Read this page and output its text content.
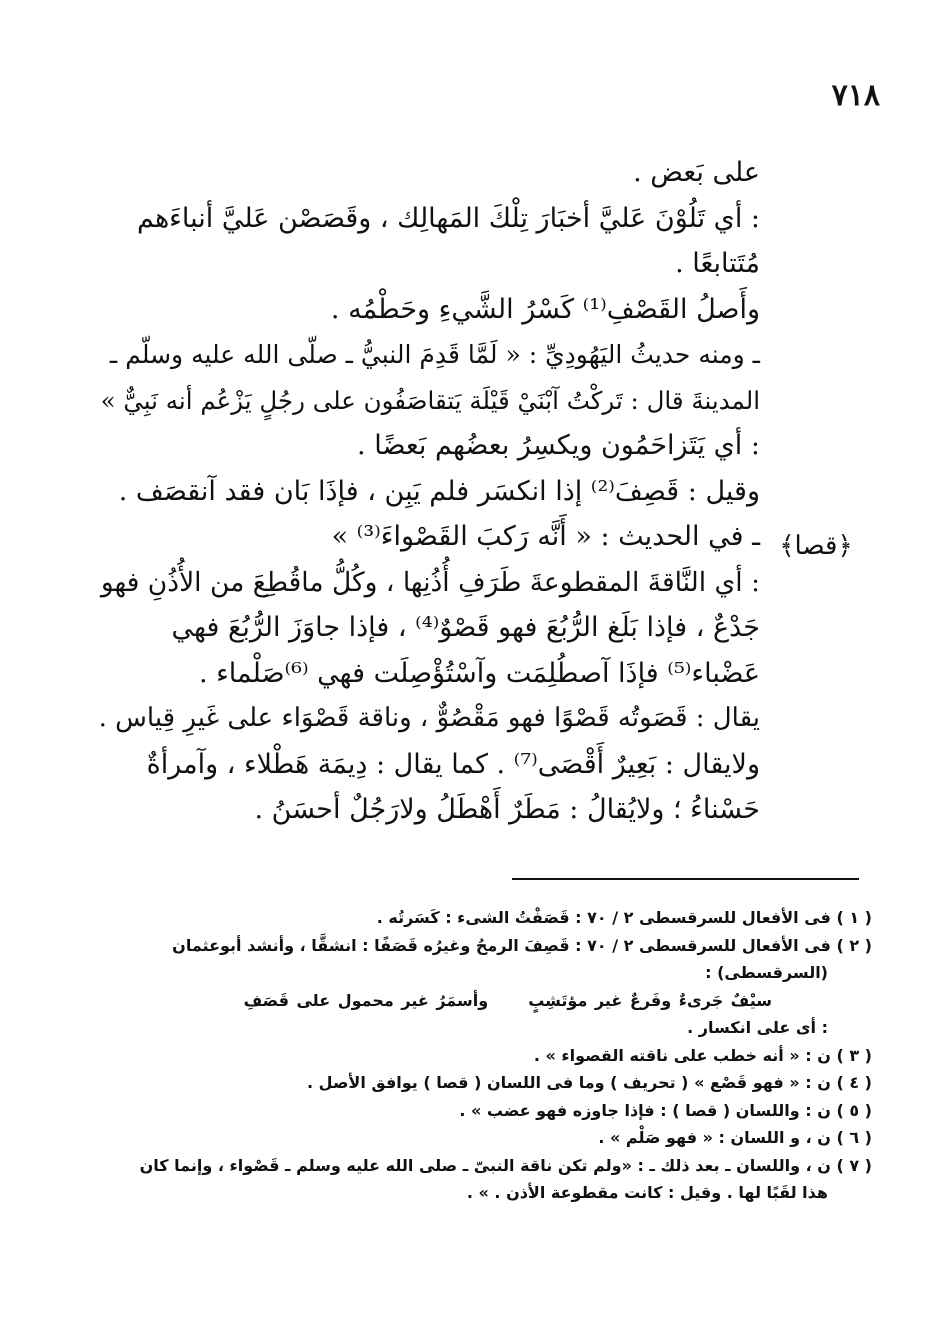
٧١٨
﴿قصا﴾
على بَعض .
: أي تَلُوْنَ عَليَّ أخبَارَ تِلْكَ المَهالِك ، وقَصَصْن عَليَّ أنباءَهم
مُتَتابعًا .
وأَصلُ القَصْفِ⁽¹⁾ كَسْرُ الشَّيءِ وحَطْمُه .
ـ ومنه حديثُ اليَهُودِيِّ : « لَمَّا قَدِمَ النبيُّ ـ صلّى الله عليه وسلّم ـ
المدينةَ قال : تَركْتُ آبْنَيْ قَيْلَة يَتقاصَفُون على رجُلٍ يَزْعُم أنه نَبِيٌّ »
: أي يَتَزاحَمُون ويكسِرُ بعضُهم بَعضًا .
وقيل : قَصِفَ⁽²⁾ إذا انكسَر فلم يَبِن ، فإذَا بَان فقد آنقصَف .
ـ في الحديث : « أَنَّه رَكبَ القَصْواءَ⁽³⁾ »
: أي النَّاقةَ المقطوعةَ طَرَفِ أُذُنِها ، وكُلُّ ماقُطِعَ من الأُذُنِ فهو
جَدْعٌ ، فإذا بَلَغ الرُّبُعَ فهو قَصْوٌ⁽⁴⁾ ، فإذا جاوَزَ الرُّبُعَ فهي
عَضْباء⁽⁵⁾ فإذَا آصطُلِمَت وآسْتُؤْصِلَت فهي ⁽⁶⁾صَلْماء .
يقال : قَصَوتُه قَصْوًا فهو مَقْصُوٌّ ، وناقة قَصْوَاء على غَيرِ قِياس .
ولايقال : بَعِيرٌ أَقْصَى⁽⁷⁾ . كما يقال : دِيمَة هَطْلاء ، وآمرأةٌ
حَسْناءُ ؛ ولايُقالُ : مَطَرٌ أَهْطَلُ ولارَجُلٌ أحسَنُ .
( ١ ) فى الأفعال للسرقسطى ٢ / ٧٠ : قَصَفْتُ الشىء : كَسَرتُه .
( ٢ ) فى الأفعال للسرقسطى ٢ / ٧٠ : قَصِفَ الرمحُ وغيرُه قَصَفًا : انشقَّا ، وأنشد أبوعثمان
(السرقسطى) :
سيْفٌ جَرىءٌ وفَرعٌ غير مؤتَشِبٍوأسمَرُ غير محمول على قَصَفِ
: أى على انكسار .
( ٣ ) ن : « أنه خطب على ناقته القصواء » .
( ٤ ) ن : « فهو قَصْع » ( تحريف ) وما فى اللسان ( قصا ) يوافق الأصل .
( ٥ ) ن : واللسان ( قصا ) : فإذا جاوزه فهو عضب » .
( ٦ ) ن ، و اللسان : « فهو صَلْم » .
( ٧ ) ن ، واللسان ـ بعد ذلك ـ : «ولم تكن ناقة النبىّ ـ صلى الله عليه وسلم ـ قَصْواء ، وإنما كان
هذا لقَبًا لها . وقيل : كانت مقطوعة الأذن . » .
